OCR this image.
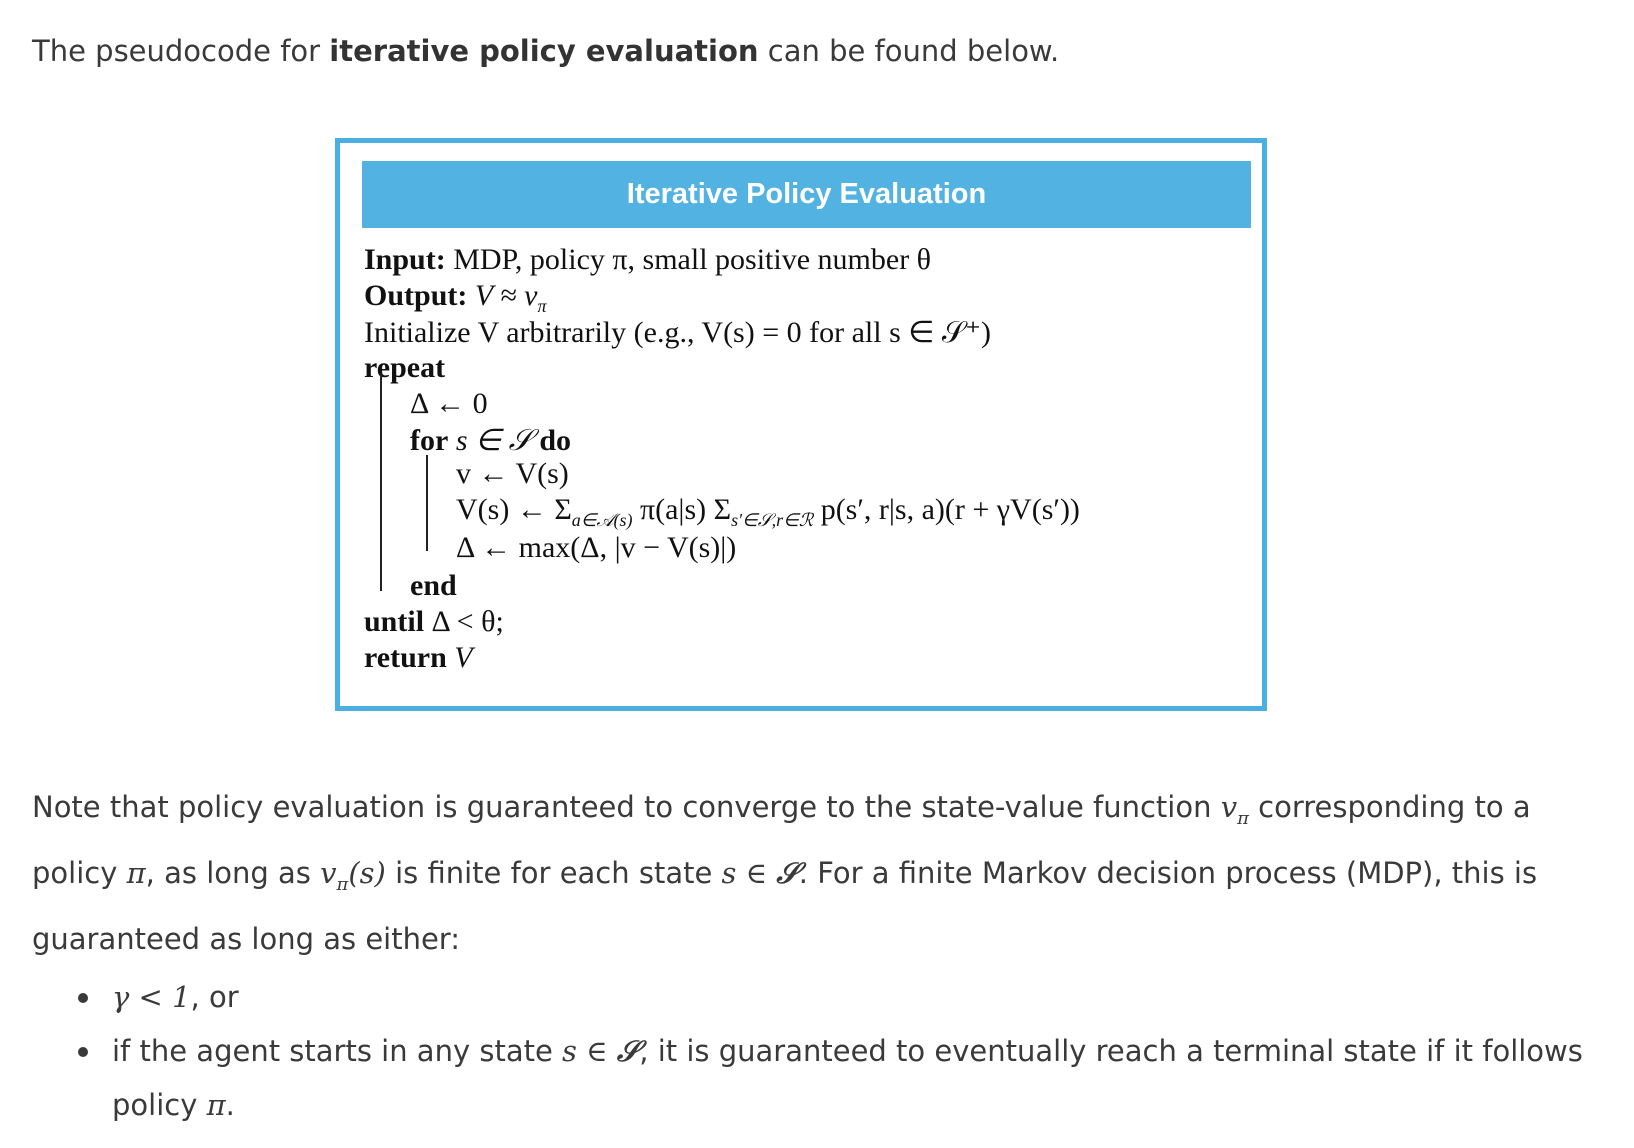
The pseudocode for iterative policy evaluation can be found below.

Iterative Policy Evaluation
Input: MDP, policy π, small positive number θ
Output: $V \approx v_\pi$
Initialize V arbitrarily (e.g., V(s) = 0 for all s ∈ 𝒮⁺)
repeat
Δ ← 0
for s ∈ 𝒮 do
v ← V(s)
V(s) ← $\Sigma_{a\in 𝒜(s)}$ π(a|s) $\Sigma_{s'\in 𝒮,r\in ℛ}$ p(s′, r|s, a)(r + γV(s′))
Δ ← max(Δ, |v − V(s)|)
end
until Δ < θ;
return V

Note that policy evaluation is guaranteed to converge to the state-value function $v_\pi$ corresponding to a policy π, as long as $v_\pi(s)$ is finite for each state s ∈ 𝒮. For a finite Markov decision process (MDP), this is guaranteed as long as either:

γ < 1, or
if the agent starts in any state s ∈ 𝒮, it is guaranteed to eventually reach a terminal state if it follows policy π.
